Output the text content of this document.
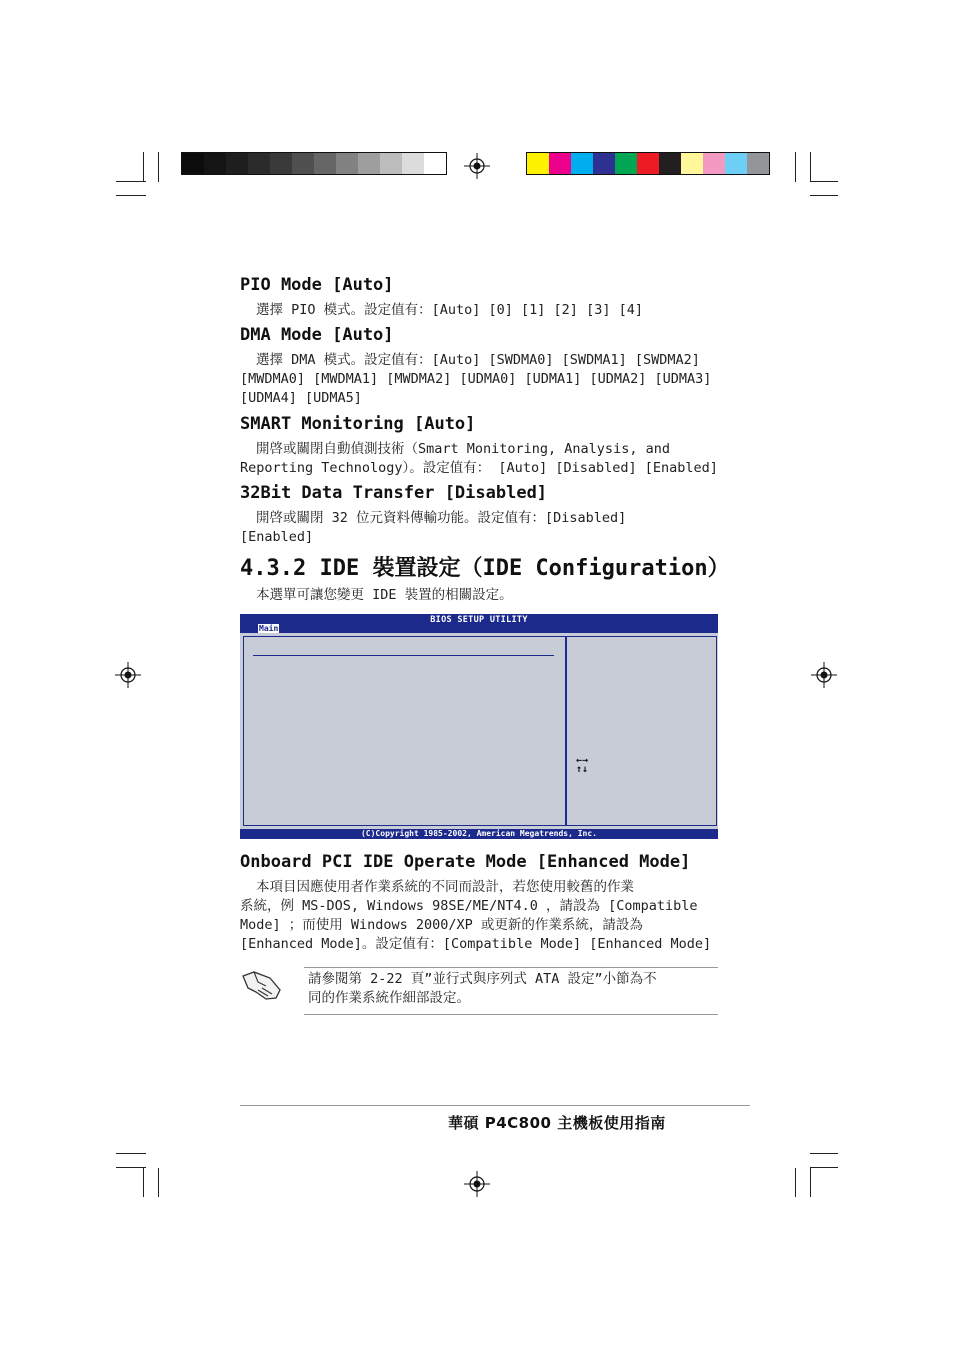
PIO Mode [Auto]
選擇 PIO 模式。設定值有：[Auto] [0] [1] [2] [3] [4]
DMA Mode [Auto]
選擇 DMA 模式。設定值有：[Auto] [SWDMA0] [SWDMA1] [SWDMA2]
[MWDMA0] [MWDMA1] [MWDMA2] [UDMA0] [UDMA1] [UDMA2] [UDMA3]
[UDMA4] [UDMA5]
SMART Monitoring [Auto]
開啓或關閉自動偵測技術（Smart Monitoring, Analysis, and
Reporting Technology）。設定值有： [Auto] [Disabled] [Enabled]
32Bit Data Transfer [Disabled]
開啓或關閉 32 位元資料傳輸功能。設定值有：[Disabled]
[Enabled]
4.3.2 IDE 裝置設定（IDE Configuration）
本選單可讓您變更 IDE 裝置的相關設定。
BIOS SETUP UTILITY
Main
←→
↑↓
(C)Copyright 1985-2002, American Megatrends, Inc.
Onboard PCI IDE Operate Mode [Enhanced Mode]
本項目因應使用者作業系統的不同而設計，若您使用較舊的作業
系統，例 MS-DOS, Windows 98SE/ME/NT4.0 ，請設為 [Compatible
Mode] ；而使用 Windows 2000/XP 或更新的作業系統，請設為
[Enhanced Mode]。設定值有：[Compatible Mode] [Enhanced Mode]
請參閱第 2-22 頁”並行式與序列式 ATA 設定”小節為不
同的作業系統作細部設定。
華碩 P4C800 主機板使用指南
